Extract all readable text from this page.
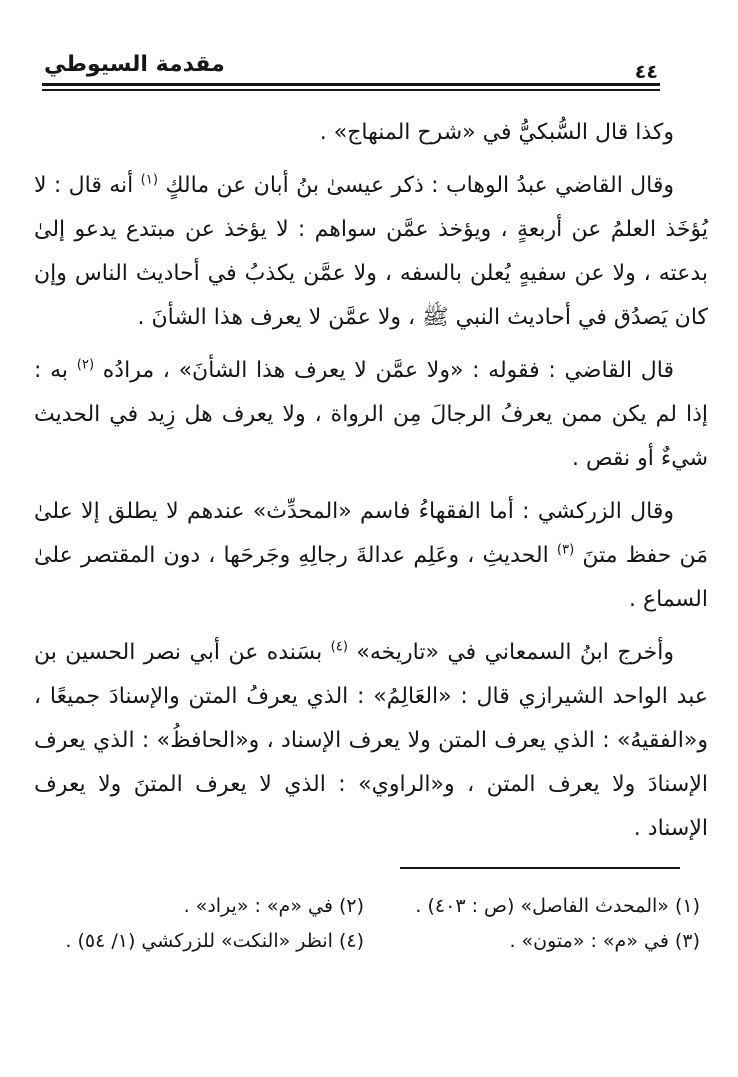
٤٤
مقدمة السيوطي

وكذا قال السُّبكيُّ في «شرح المنهاج» .

وقال القاضي عبدُ الوهاب : ذكر عيسىٰ بنُ أبان عن مالكٍ $^{(١)}$ أنه قال : لا يُؤخَذ العلمُ عن أربعةٍ ، ويؤخذ عمَّن سواهم : لا يؤخذ عن مبتدع يدعو إلىٰ بدعته ، ولا عن سفيهٍ يُعلن بالسفه ، ولا عمَّن يكذبُ في أحاديث الناس وإن كان يَصدُق في أحاديث النبي ﷺ ، ولا عمَّن لا يعرف هذا الشأنَ .

قال القاضي : فقوله : «ولا عمَّن لا يعرف هذا الشأنَ» ، مرادُه $^{(٢)}$ به : إذا لم يكن ممن يعرفُ الرجالَ مِن الرواة ، ولا يعرف هل زِيد في الحديث شيءٌ أو نقص .

وقال الزركشي : أما الفقهاءُ فاسم «المحدِّث» عندهم لا يطلق إلا علىٰ مَن حفظ متنَ $^{(٣)}$ الحديثِ ، وعَلِم عدالةَ رجالِهِ وجَرحَها ، دون المقتصر علىٰ السماع .

وأخرج ابنُ السمعاني في «تاريخه» $^{(٤)}$ بسَنده عن أبي نصر الحسين بن عبد الواحد الشيرازي قال : «العَالِمُ» : الذي يعرفُ المتن والإسنادَ جميعًا ، و«الفقيهُ» : الذي يعرف المتن ولا يعرف الإسناد ، و«الحافظُ» : الذي يعرف الإسنادَ ولا يعرف المتن ، و«الراوي» : الذي لا يعرف المتنَ ولا يعرف الإسناد .

(١) «المحدث الفاصل» (ص : ٤٠٣) .
(٢) في «م» : «يراد» .
(٣) في «م» : «متون» .
(٤) انظر «النكت» للزركشي (١/ ٥٤) .
